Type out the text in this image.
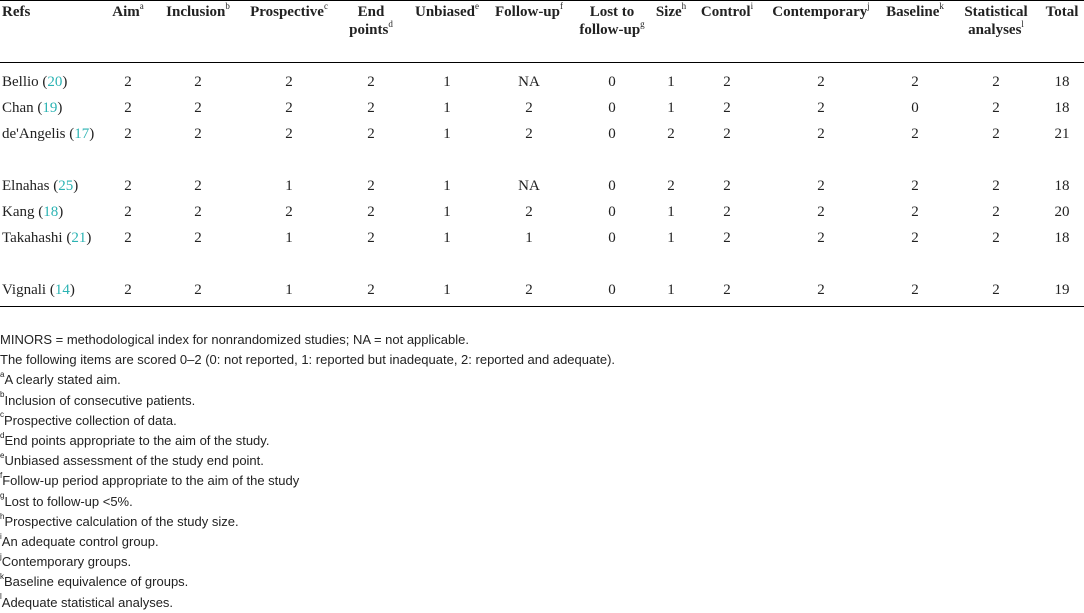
Refs	Aim$^a$	Inclusion$^b$	Prospective$^c$	End points$^d$	Unbiased$^e$	Follow-$up^f$	Lost to follow-$up^g$	Size$^h$	Control$^i$	Contemporary$^j$	Baseline$^k$	Statistical analyses$^l$	Total

Bellio (20)	2	2	2	2	1	NA	0	1	2	2	2	2	18
Chan (19)	2	2	2	2	1	2	0	1	2	2	0	2	18
de'Angelis (17)	2	2	2	2	1	2	0	2	2	2	2	2	21
Elnahas (25)	2	2	1	2	1	NA	0	2	2	2	2	2	18
Kang (18)	2	2	2	2	1	2	0	1	2	2	2	2	20
Takahashi (21)	2	2	1	2	1	1	0	1	2	2	2	2	18
Vignali (14)	2	2	1	2	1	2	0	1	2	2	2	2	19
MINORS = methodological index for nonrandomized studies; NA = not applicable.
The following items are scored 0–2 (0: not reported, 1: reported but inadequate, 2: reported and adequate).
$^a$A clearly stated aim.
$^b$Inclusion of consecutive patients.
$^c$Prospective collection of data.
$^d$End points appropriate to the aim of the study.
$^e$Unbiased assessment of the study end point.
$^f$Follow-up period appropriate to the aim of the study
$^g$Lost to follow-up <5%.
$^h$Prospective calculation of the study size.
$^i$An adequate control group.
$^j$Contemporary groups.
$^k$Baseline equivalence of groups.
$^l$Adequate statistical analyses.
